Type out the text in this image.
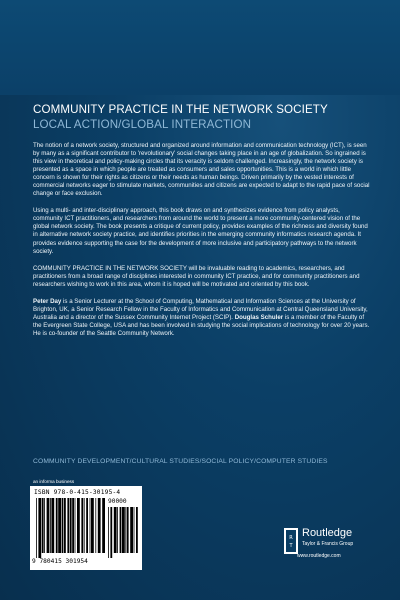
COMMUNITY PRACTICE IN THE NETWORK SOCIETY
LOCAL ACTION/GLOBAL INTERACTION

The notion of a network society, structured and organized around information and communication technology (ICT), is seen by many as a significant contributor to 'revolutionary' social changes taking place in an age of globalization. So ingrained is this view in theoretical and policy-making circles that its veracity is seldom challenged. Increasingly, the network society is presented as a space in which people are treated as consumers and sales opportunities. This is a world in which little concern is shown for their rights as citizens or their needs as human beings. Driven primarily by the vested interests of commercial networks eager to stimulate markets, communities and citizens are expected to adapt to the rapid pace of social change or face exclusion.

Using a multi- and inter-disciplinary approach, this book draws on and synthesizes evidence from policy analysts, community ICT practitioners, and researchers from around the world to present a more community-centered vision of the global network society. The book presents a critique of current policy, provides examples of the richness and diversity found in alternative network society practice, and identifies priorities in the emerging community informatics research agenda. It provides evidence supporting the case for the development of more inclusive and participatory pathways to the network society.

COMMUNITY PRACTICE IN THE NETWORK SOCIETY will be invaluable reading to academics, researchers, and practitioners from a broad range of disciplines interested in community ICT practice, and for community practitioners and researchers wishing to work in this area, whom it is hoped will be motivated and oriented by this book.

Peter Day is a Senior Lecturer at the School of Computing, Mathematical and Information Sciences at the University of Brighton, UK, a Senior Research Fellow in the Faculty of Informatics and Communication at Central Queensland University, Australia and a director of the Sussex Community Internet Project (SCIP). Douglas Schuler is a member of the Faculty of the Evergreen State College, USA and has been involved in studying the social implications of technology for over 20 years. He is co-founder of the Seattle Community Network.

COMMUNITY DEVELOPMENT/CULTURAL STUDIES/SOCIAL POLICY/COMPUTER STUDIES
an informa business
ISBN 978-0-415-30195-4
90000
9 780415 301954
R
T
Routledge
Taylor & Francis Group
www.routledge.com
